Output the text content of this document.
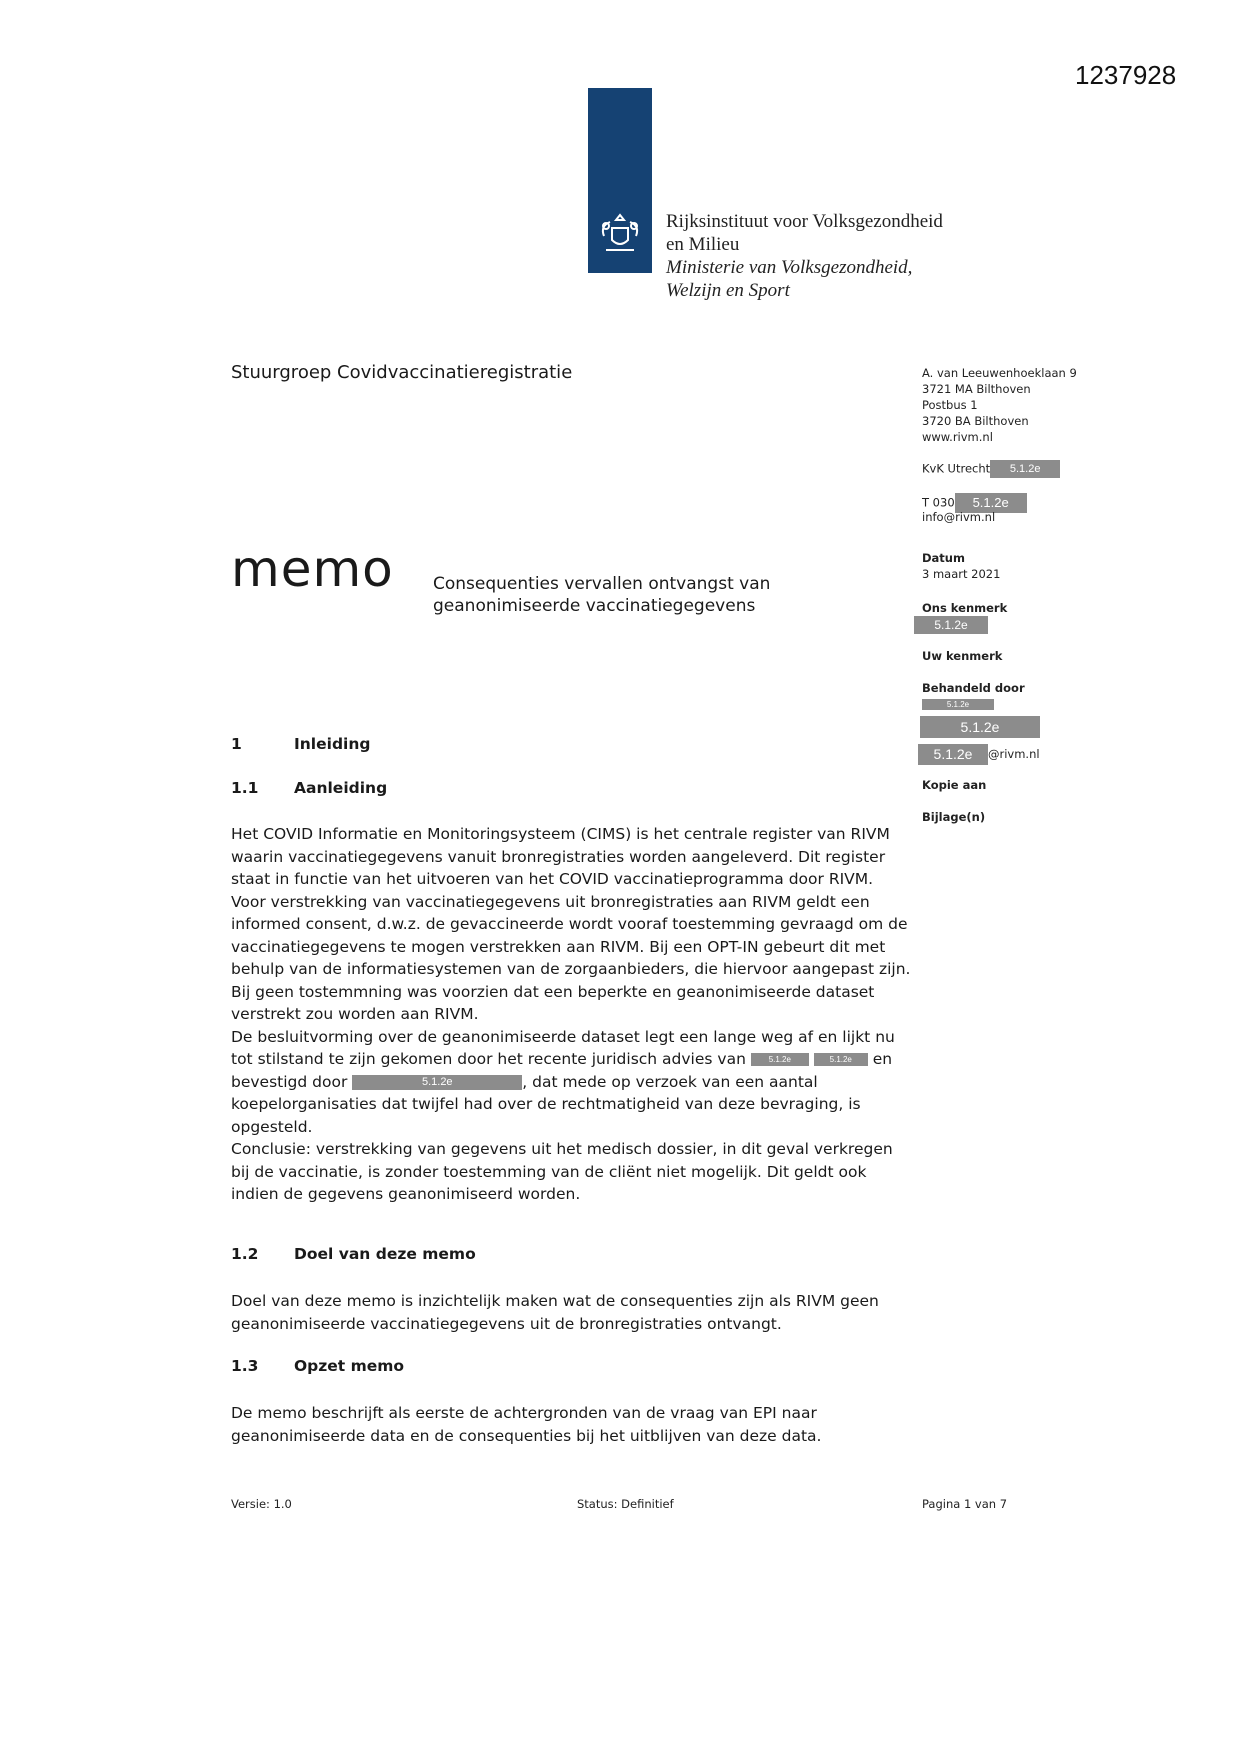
1237928
Rijksinstituut voor Volksgezondheid
en Milieu
Ministerie van Volksgezondheid,
Welzijn en Sport
Stuurgroep Covidvaccinatieregistratie
memo Consequenties vervallen ontvangst van
geanonimiseerde vaccinatiegegevens
A. van Leeuwenhoeklaan 9
3721 MA Bilthoven
Postbus 1
3720 BA Bilthoven
www.rivm.nl
KvK Utrecht 5.1.2e
T 030 5.1.2e
info@rivm.nl
Datum
3 maart 2021
Ons kenmerk
5.1.2e
Uw kenmerk
Behandeld door
5.1.2e
5.1.2e
5.1.2e @rivm.nl
Kopie aan
Bijlage(n)
1	Inleiding
1.1 Aanleiding

Het COVID Informatie en Monitoringsysteem (CIMS) is het centrale register van RIVM waarin vaccinatiegegevens vanuit bronregistraties worden aangeleverd. Dit register staat in functie van het uitvoeren van het COVID vaccinatieprogramma door RIVM.

Voor verstrekking van vaccinatiegegevens uit bronregistraties aan RIVM geldt een informed consent, d.w.z. de gevaccineerde wordt vooraf toestemming gevraagd om de vaccinatiegegevens te mogen verstrekken aan RIVM. Bij een OPT-IN gebeurt dit met behulp van de informatiesystemen van de zorgaanbieders, die hiervoor aangepast zijn. Bij geen tostemmning was voorzien dat een beperkte en geanonimiseerde dataset verstrekt zou worden aan RIVM.

De besluitvorming over de geanonimiseerde dataset legt een lange weg af en lijkt nu tot stilstand te zijn gekomen door het recente juridisch advies van	5.1.2e	5.1.2e en bevestigd door	5.1.2e	, dat mede op verzoek van een aantal koepelorganisaties dat twijfel had over de rechtmatigheid van deze bevraging, is opgesteld.

Conclusie: verstrekking van gegevens uit het medisch dossier, in dit geval verkregen bij de vaccinatie, is zonder toestemming van de cliënt niet mogelijk. Dit geldt ook indien de gegevens geanonimiseerd worden.

1.2 Doel van deze memo

Doel van deze memo is inzichtelijk maken wat de consequenties zijn als RIVM geen geanonimiseerde vaccinatiegegevens uit de bronregistraties ontvangt.

1.3 Opzet memo

De memo beschrijft als eerste de achtergronden van de vraag van EPI naar geanonimiseerde data en de consequenties bij het uitblijven van deze data.

Versie: 1.0	Status: Definitief	Pagina 1 van 7
